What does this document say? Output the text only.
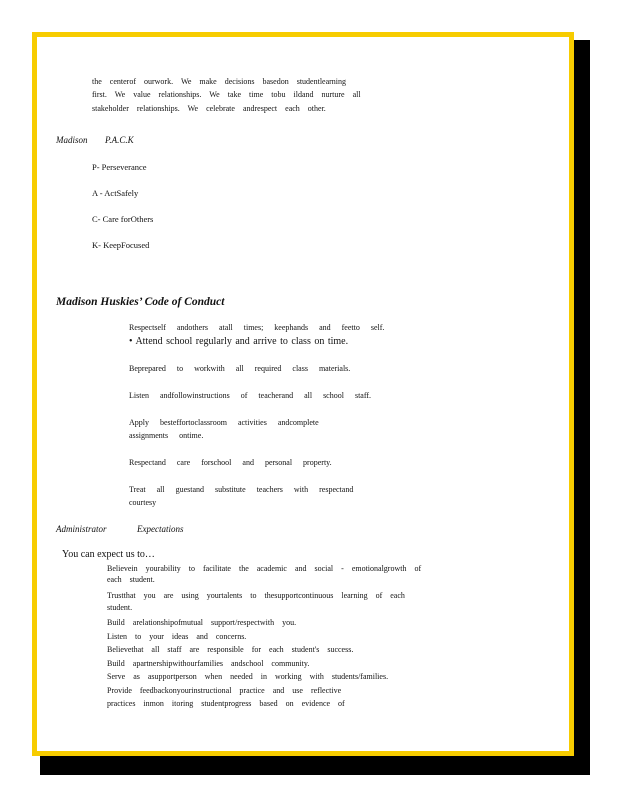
the centerof ourwork. We make decisions basedon studentlearning
first. We value relationships. We take time tobu ildand nurture all
stakeholder relationships. We celebrate andrespect each other.
Madison P.A.C.K
P- Perseverance
A - ActSafely
C- Care forOthers
K- KeepFocused
Madison Huskies’ Code of Conduct
Respectself andothers atall times; keephands and feetto self.
• Attend school regularly and arrive to class on time.
Beprepared to workwith all required class materials.
Listen andfollowinstructions of teacherand all school staff.
Apply besteffortoclassroom activities andcomplete
assignments ontime.
Respectand care forschool and personal property.
Treat all guestand substitute teachers with respectand
courtesy
Administrator	Expectations
You can expect us to…
Believein yourability to facilitate the academic and social - emotionalgrowth of
each student.
Trustthat you are using yourtalents to thesupportcontinuous learning of each
student.
Build arelationshipofmutual support/respectwith you.
Listen to your ideas and concerns.
Believethat all staff are responsible for each student's success.
Build apartnershipwithourfamilies andschool community.
Serve as asupportperson when needed in working with students/families.
Provide feedbackonyourinstructional practice and use reflective
practices inmon itoring studentprogress based on evidence of
